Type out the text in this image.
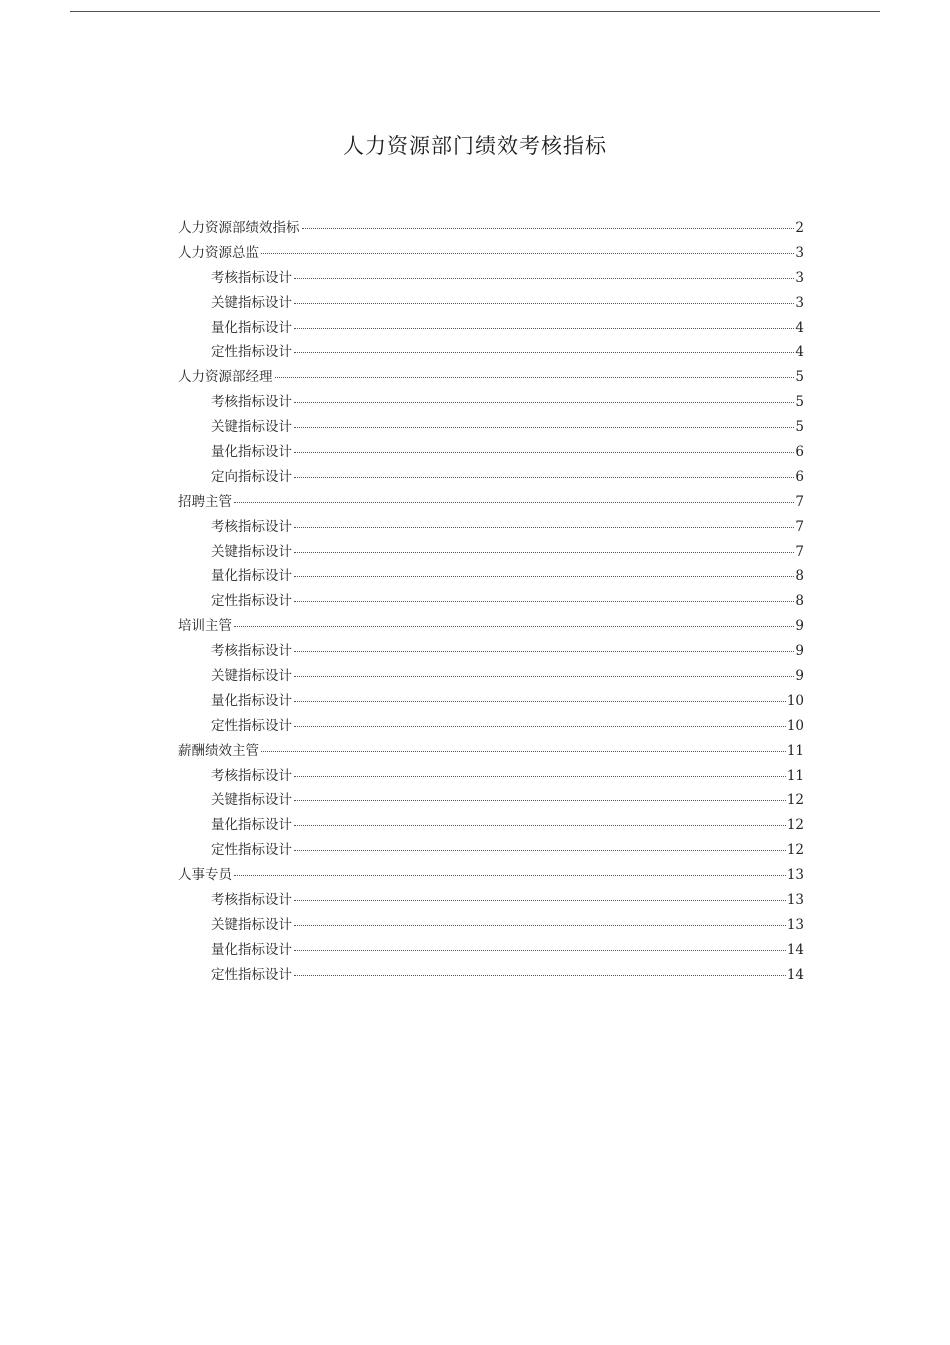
人力资源部门绩效考核指标
人力资源部绩效指标	2
人力资源总监	3
考核指标设计	3
关键指标设计	3
量化指标设计	4
定性指标设计	4
人力资源部经理	5
考核指标设计	5
关键指标设计	5
量化指标设计	6
定向指标设计	6
招聘主管	7
考核指标设计	7
关键指标设计	7
量化指标设计	8
定性指标设计	8
培训主管	9
考核指标设计	9
关键指标设计	9
量化指标设计	10
定性指标设计	10
薪酬绩效主管	11
考核指标设计	11
关键指标设计	12
量化指标设计	12
定性指标设计	12
人事专员	13
考核指标设计	13
关键指标设计	13
量化指标设计	14
定性指标设计	14
